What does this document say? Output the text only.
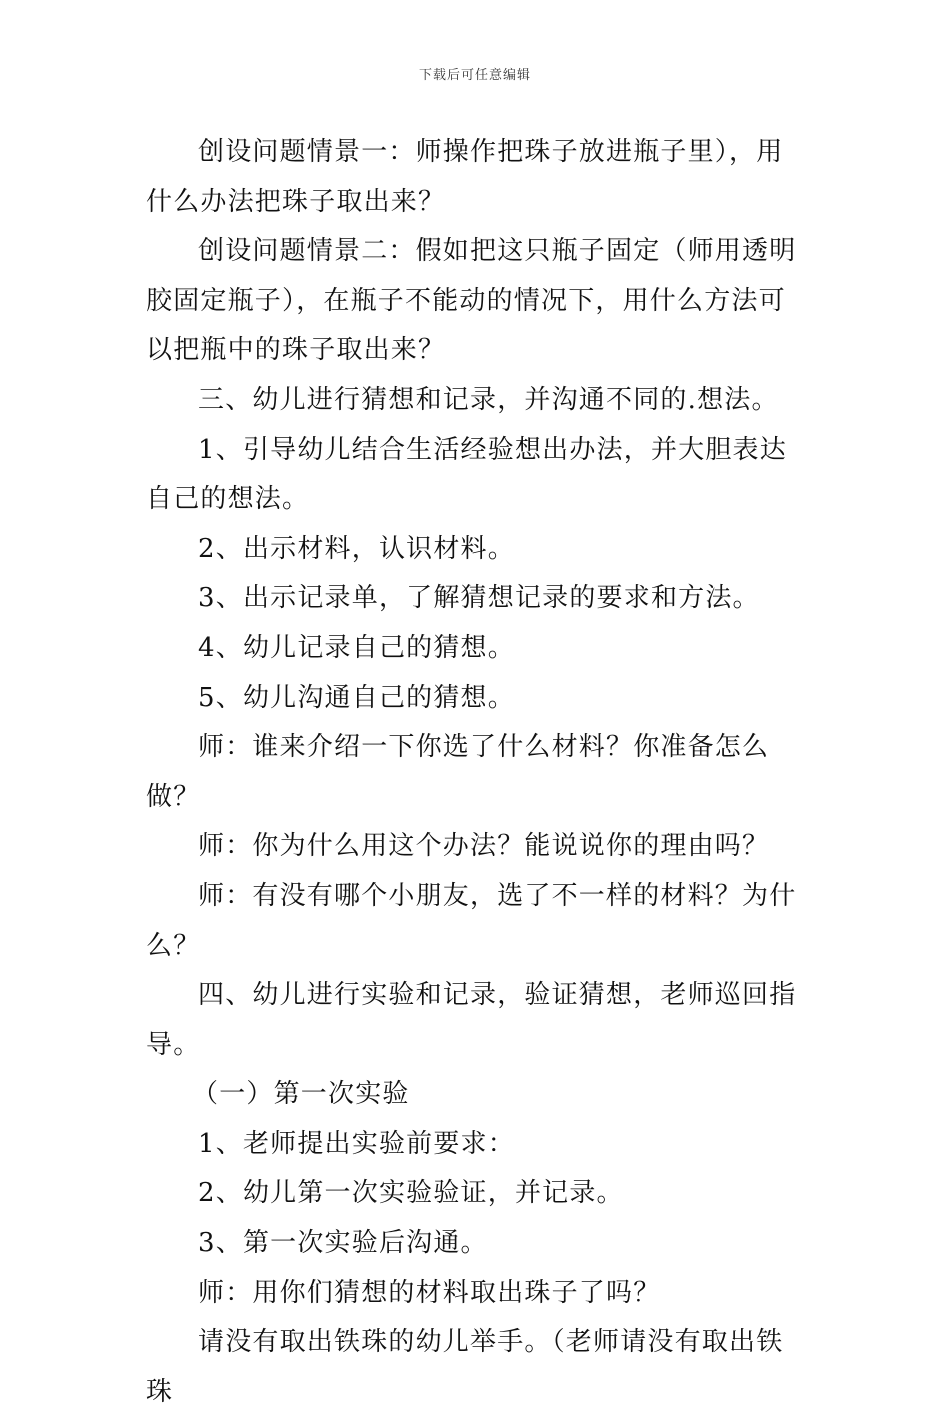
下载后可任意编辑

创设问题情景一：师操作把珠子放进瓶子里），用什么办法把珠子取出来？

创设问题情景二：假如把这只瓶子固定（师用透明胶固定瓶子），在瓶子不能动的情况下，用什么方法可以把瓶中的珠子取出来？

三、幼儿进行猜想和记录，并沟通不同的.想法。

1、引导幼儿结合生活经验想出办法，并大胆表达自己的想法。

2、出示材料，认识材料。

3、出示记录单，了解猜想记录的要求和方法。

4、幼儿记录自己的猜想。

5、幼儿沟通自己的猜想。

师：谁来介绍一下你选了什么材料？你准备怎么做？

师：你为什么用这个办法？能说说你的理由吗？

师：有没有哪个小朋友，选了不一样的材料？为什么？

四、幼儿进行实验和记录，验证猜想，老师巡回指导。

（一）第一次实验

1、老师提出实验前要求：

2、幼儿第一次实验验证，并记录。

3、第一次实验后沟通。

师：用你们猜想的材料取出珠子了吗？

请没有取出铁珠的幼儿举手。（老师请没有取出铁珠
